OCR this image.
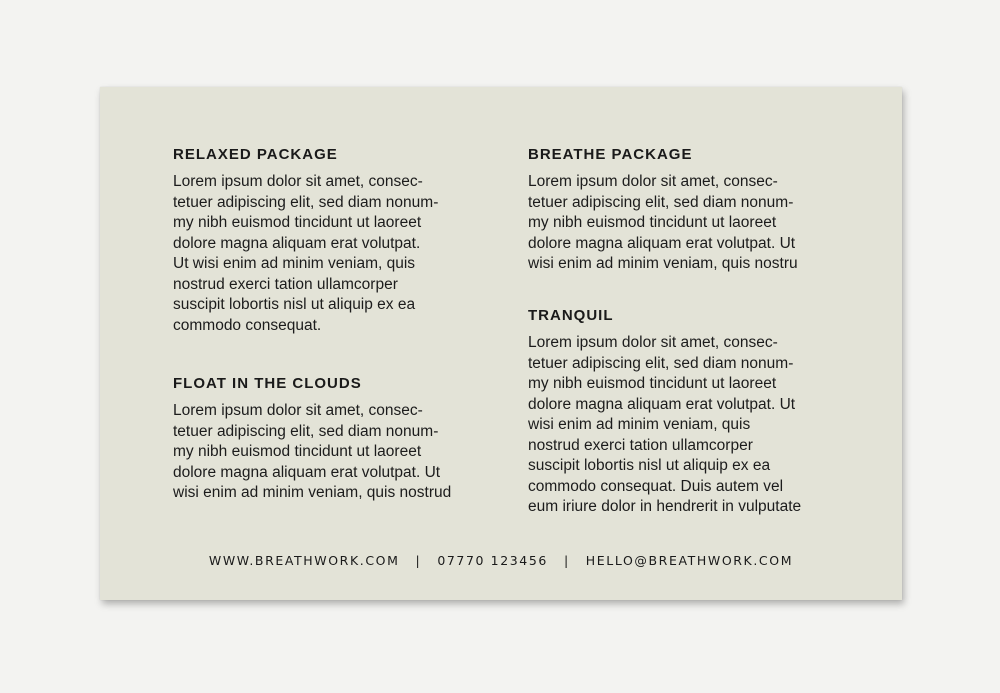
RELAXED PACKAGE

Lorem ipsum dolor sit amet, consec-
tetuer adipiscing elit, sed diam nonum-
my nibh euismod tincidunt ut laoreet
dolore magna aliquam erat volutpat.
Ut wisi enim ad minim veniam, quis
nostrud exerci tation ullamcorper
suscipit lobortis nisl ut aliquip ex ea
commodo consequat.

FLOAT IN THE CLOUDS

Lorem ipsum dolor sit amet, consec-
tetuer adipiscing elit, sed diam nonum-
my nibh euismod tincidunt ut laoreet
dolore magna aliquam erat volutpat. Ut
wisi enim ad minim veniam, quis nostrud

BREATHE PACKAGE

Lorem ipsum dolor sit amet, consec-
tetuer adipiscing elit, sed diam nonum-
my nibh euismod tincidunt ut laoreet
dolore magna aliquam erat volutpat. Ut
wisi enim ad minim veniam, quis nostru

TRANQUIL

Lorem ipsum dolor sit amet, consec-
tetuer adipiscing elit, sed diam nonum-
my nibh euismod tincidunt ut laoreet
dolore magna aliquam erat volutpat. Ut
wisi enim ad minim veniam, quis
nostrud exerci tation ullamcorper
suscipit lobortis nisl ut aliquip ex ea
commodo consequat. Duis autem vel
eum iriure dolor in hendrerit in vulputate

WWW.BREATHWORK.COM | 07770 123456 | HELLO@BREATHWORK.COM
